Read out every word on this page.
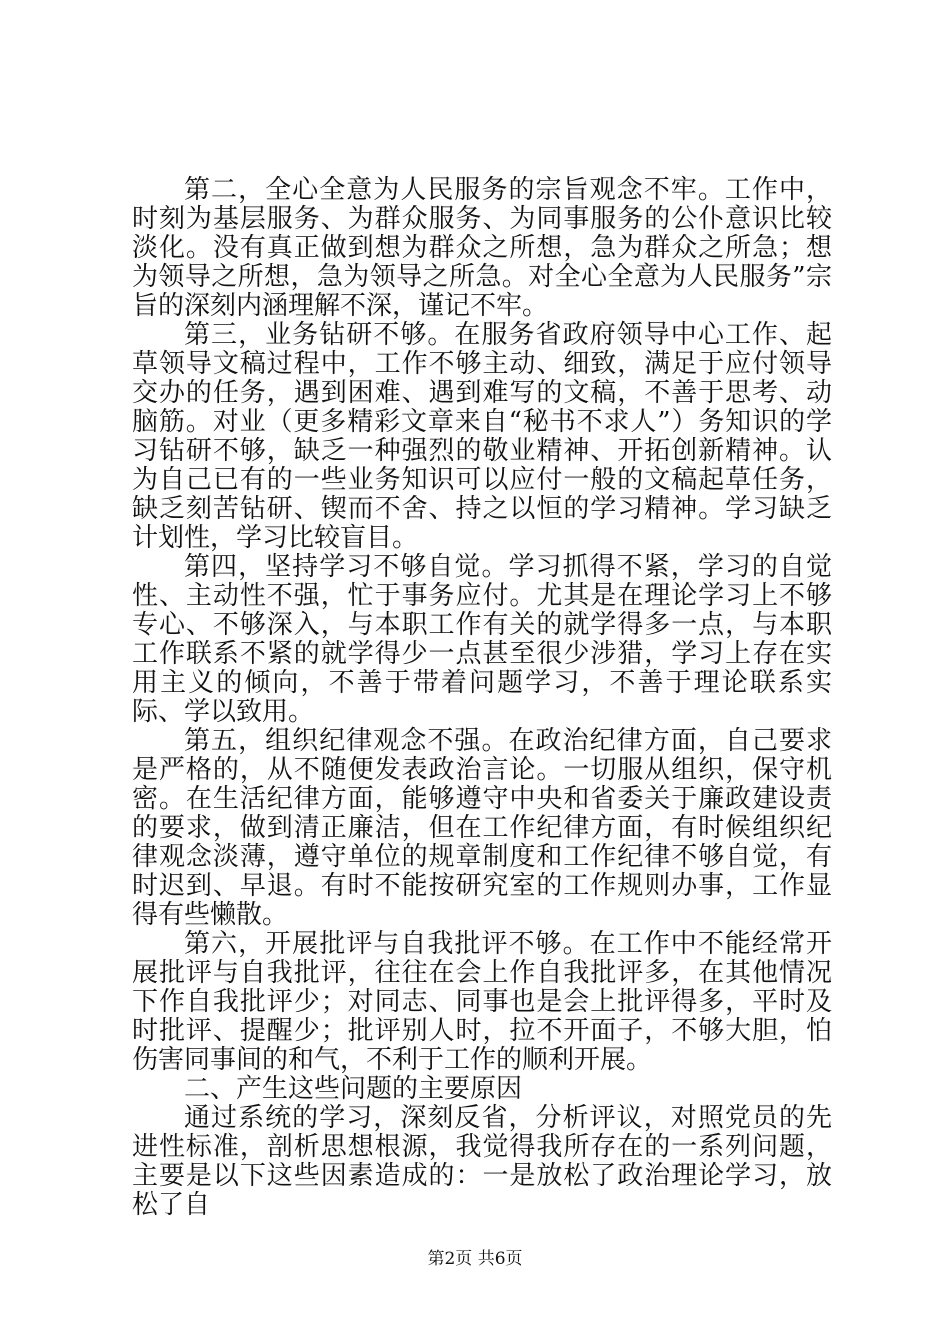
第二，全心全意为人民服务的宗旨观念不牢。工作中，时刻为基层服务、为群众服务、为同事服务的公仆意识比较淡化。没有真正做到想为群众之所想，急为群众之所急；想为领导之所想，急为领导之所急。对全心全意为人民服务”宗旨的深刻内涵理解不深，谨记不牢。

第三，业务钻研不够。在服务省政府领导中心工作、起草领导文稿过程中，工作不够主动、细致，满足于应付领导交办的任务，遇到困难、遇到难写的文稿，不善于思考、动脑筋。对业（更多精彩文章来自“秘书不求人”）务知识的学习钻研不够，缺乏一种强烈的敬业精神、开拓创新精神。认为自己已有的一些业务知识可以应付一般的文稿起草任务，缺乏刻苦钻研、锲而不舍、持之以恒的学习精神。学习缺乏计划性，学习比较盲目。

第四，坚持学习不够自觉。学习抓得不紧，学习的自觉性、主动性不强，忙于事务应付。尤其是在理论学习上不够专心、不够深入，与本职工作有关的就学得多一点，与本职工作联系不紧的就学得少一点甚至很少涉猎，学习上存在实用主义的倾向，不善于带着问题学习，不善于理论联系实际、学以致用。

第五，组织纪律观念不强。在政治纪律方面，自己要求是严格的，从不随便发表政治言论。一切服从组织，保守机密。在生活纪律方面，能够遵守中央和省委关于廉政建设责的要求，做到清正廉洁，但在工作纪律方面，有时候组织纪律观念淡薄，遵守单位的规章制度和工作纪律不够自觉，有时迟到、早退。有时不能按研究室的工作规则办事，工作显得有些懒散。

第六，开展批评与自我批评不够。在工作中不能经常开展批评与自我批评，往往在会上作自我批评多，在其他情况下作自我批评少；对同志、同事也是会上批评得多，平时及时批评、提醒少；批评别人时，拉不开面子，不够大胆，怕伤害同事间的和气，不利于工作的顺利开展。

二、产生这些问题的主要原因

通过系统的学习，深刻反省，分析评议，对照党员的先进性标准，剖析思想根源，我觉得我所存在的一系列问题，主要是以下这些因素造成的：一是放松了政治理论学习，放松了自

第2页 共6页
